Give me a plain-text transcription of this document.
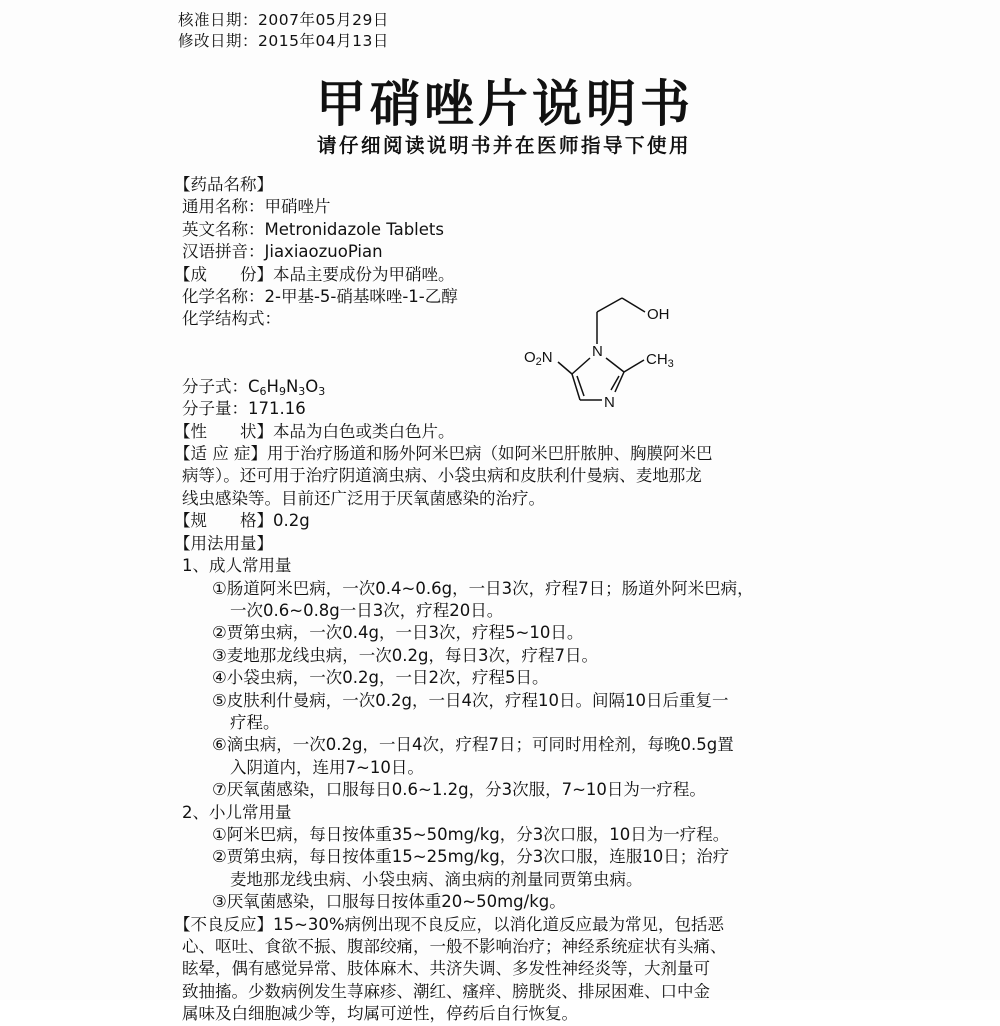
核准日期：2007年05月29日
修改日期：2015年04月13日
甲硝唑片说明书
请仔细阅读说明书并在医师指导下使用
OH
N
N
$CH_3$
$O_2N$
【药品名称】
通用名称：甲硝唑片
英文名称：Metronidazole Tablets
汉语拼音：JiaxiaozuoPian
【成　　份】本品主要成份为甲硝唑。
化学名称：2-甲基-5-硝基咪唑-1-乙醇
化学结构式：
分子式：$C_6H_9N_3O_3$
分子量：171.16
【性　　状】本品为白色或类白色片。
【适 应 症】用于治疗肠道和肠外阿米巴病（如阿米巴肝脓肿、胸膜阿米巴
病等）。还可用于治疗阴道滴虫病、小袋虫病和皮肤利什曼病、麦地那龙
线虫感染等。目前还广泛用于厌氧菌感染的治疗。
【规　　格】0.2g
【用法用量】
1、成人常用量
①肠道阿米巴病，一次0.4~0.6g，一日3次，疗程7日；肠道外阿米巴病，
一次0.6~0.8g一日3次，疗程20日。
②贾第虫病，一次0.4g，一日3次，疗程5~10日。
③麦地那龙线虫病，一次0.2g，每日3次，疗程7日。
④小袋虫病，一次0.2g，一日2次，疗程5日。
⑤皮肤利什曼病，一次0.2g，一日4次，疗程10日。间隔10日后重复一
疗程。
⑥滴虫病，一次0.2g，一日4次，疗程7日；可同时用栓剂，每晚0.5g置
入阴道内，连用7~10日。
⑦厌氧菌感染，口服每日0.6~1.2g，分3次服，7~10日为一疗程。
2、小儿常用量
①阿米巴病，每日按体重35~50mg/kg，分3次口服，10日为一疗程。
②贾第虫病，每日按体重15~25mg/kg，分3次口服，连服10日；治疗
麦地那龙线虫病、小袋虫病、滴虫病的剂量同贾第虫病。
③厌氧菌感染，口服每日按体重20~50mg/kg。
【不良反应】15~30%病例出现不良反应，以消化道反应最为常见，包括恶
心、呕吐、食欲不振、腹部绞痛，一般不影响治疗；神经系统症状有头痛、
眩晕，偶有感觉异常、肢体麻木、共济失调、多发性神经炎等，大剂量可
致抽搐。少数病例发生荨麻疹、潮红、瘙痒、膀胱炎、排尿困难、口中金
属味及白细胞减少等，均属可逆性，停药后自行恢复。
